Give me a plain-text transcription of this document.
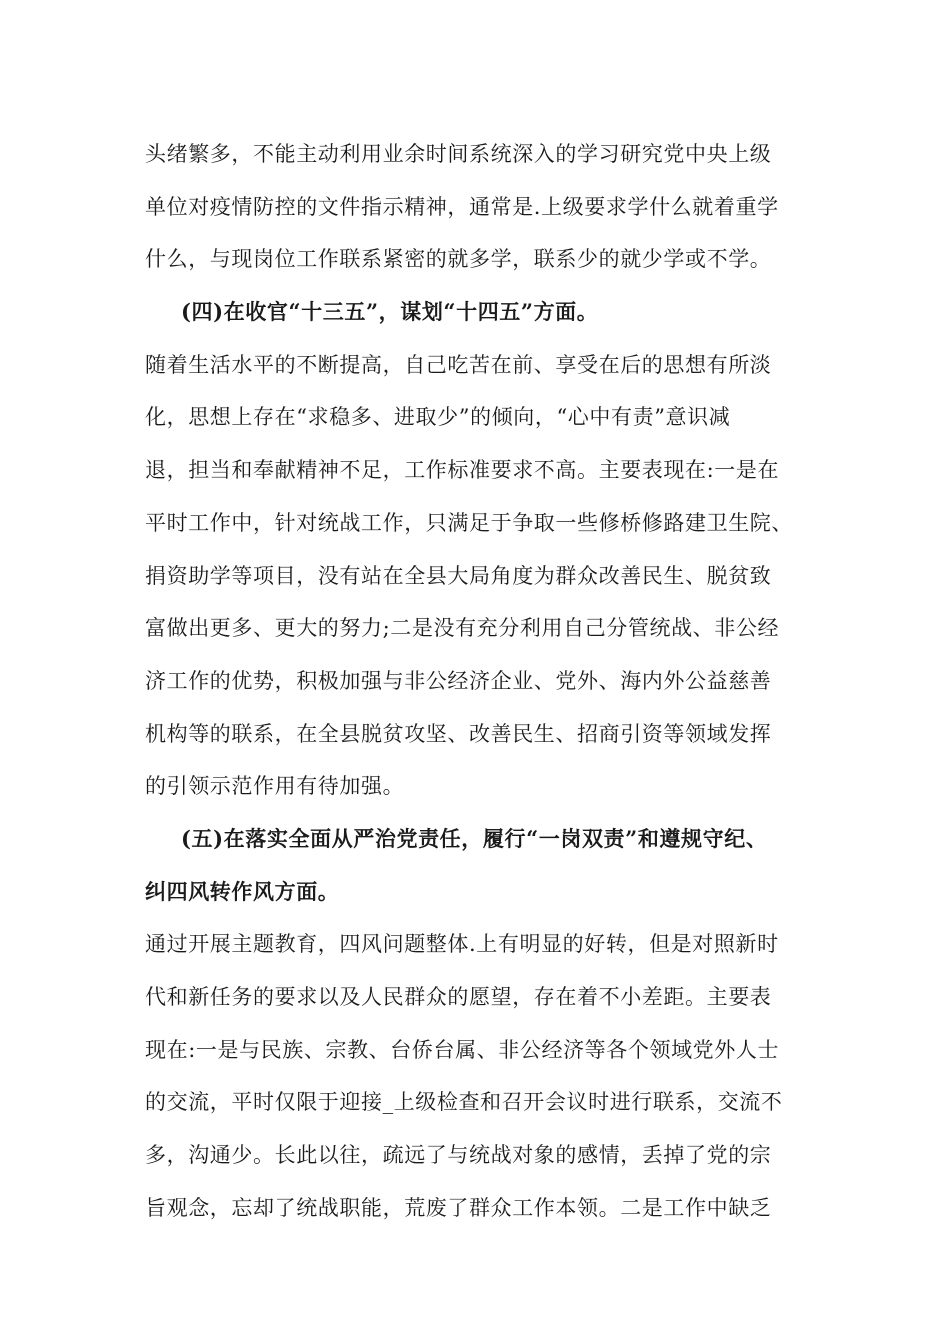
头绪繁多，不能主动利用业余时间系统深入的学习研究党中央上级
单位对疫情防控的文件指示精神，通常是.上级要求学什么就着重学
什么，与现岗位工作联系紧密的就多学，联系少的就少学或不学。
(四)在收官“十三五”，谋划“十四五”方面。
随着生活水平的不断提高，自己吃苦在前、享受在后的思想有所淡
化，思想上存在“求稳多、进取少”的倾向，“心中有责”意识减
退，担当和奉献精神不足，工作标准要求不高。主要表现在:一是在
平时工作中，针对统战工作，只满足于争取一些修桥修路建卫生院、
捐资助学等项目，没有站在全县大局角度为群众改善民生、脱贫致
富做出更多、更大的努力;二是没有充分利用自己分管统战、非公经
济工作的优势，积极加强与非公经济企业、党外、海内外公益慈善
机构等的联系，在全县脱贫攻坚、改善民生、招商引资等领域发挥
的引领示范作用有待加强。
(五)在落实全面从严治党责任，履行“一岗双责”和遵规守纪、
纠四风转作风方面。
通过开展主题教育，四风问题整体.上有明显的好转，但是对照新时
代和新任务的要求以及人民群众的愿望，存在着不小差距。主要表
现在:一是与民族、宗教、台侨台属、非公经济等各个领域党外人士
的交流，平时仅限于迎接_上级检查和召开会议时进行联系，交流不
多，沟通少。长此以往，疏远了与统战对象的感情，丢掉了党的宗
旨观念，忘却了统战职能，荒废了群众工作本领。二是工作中缺乏
